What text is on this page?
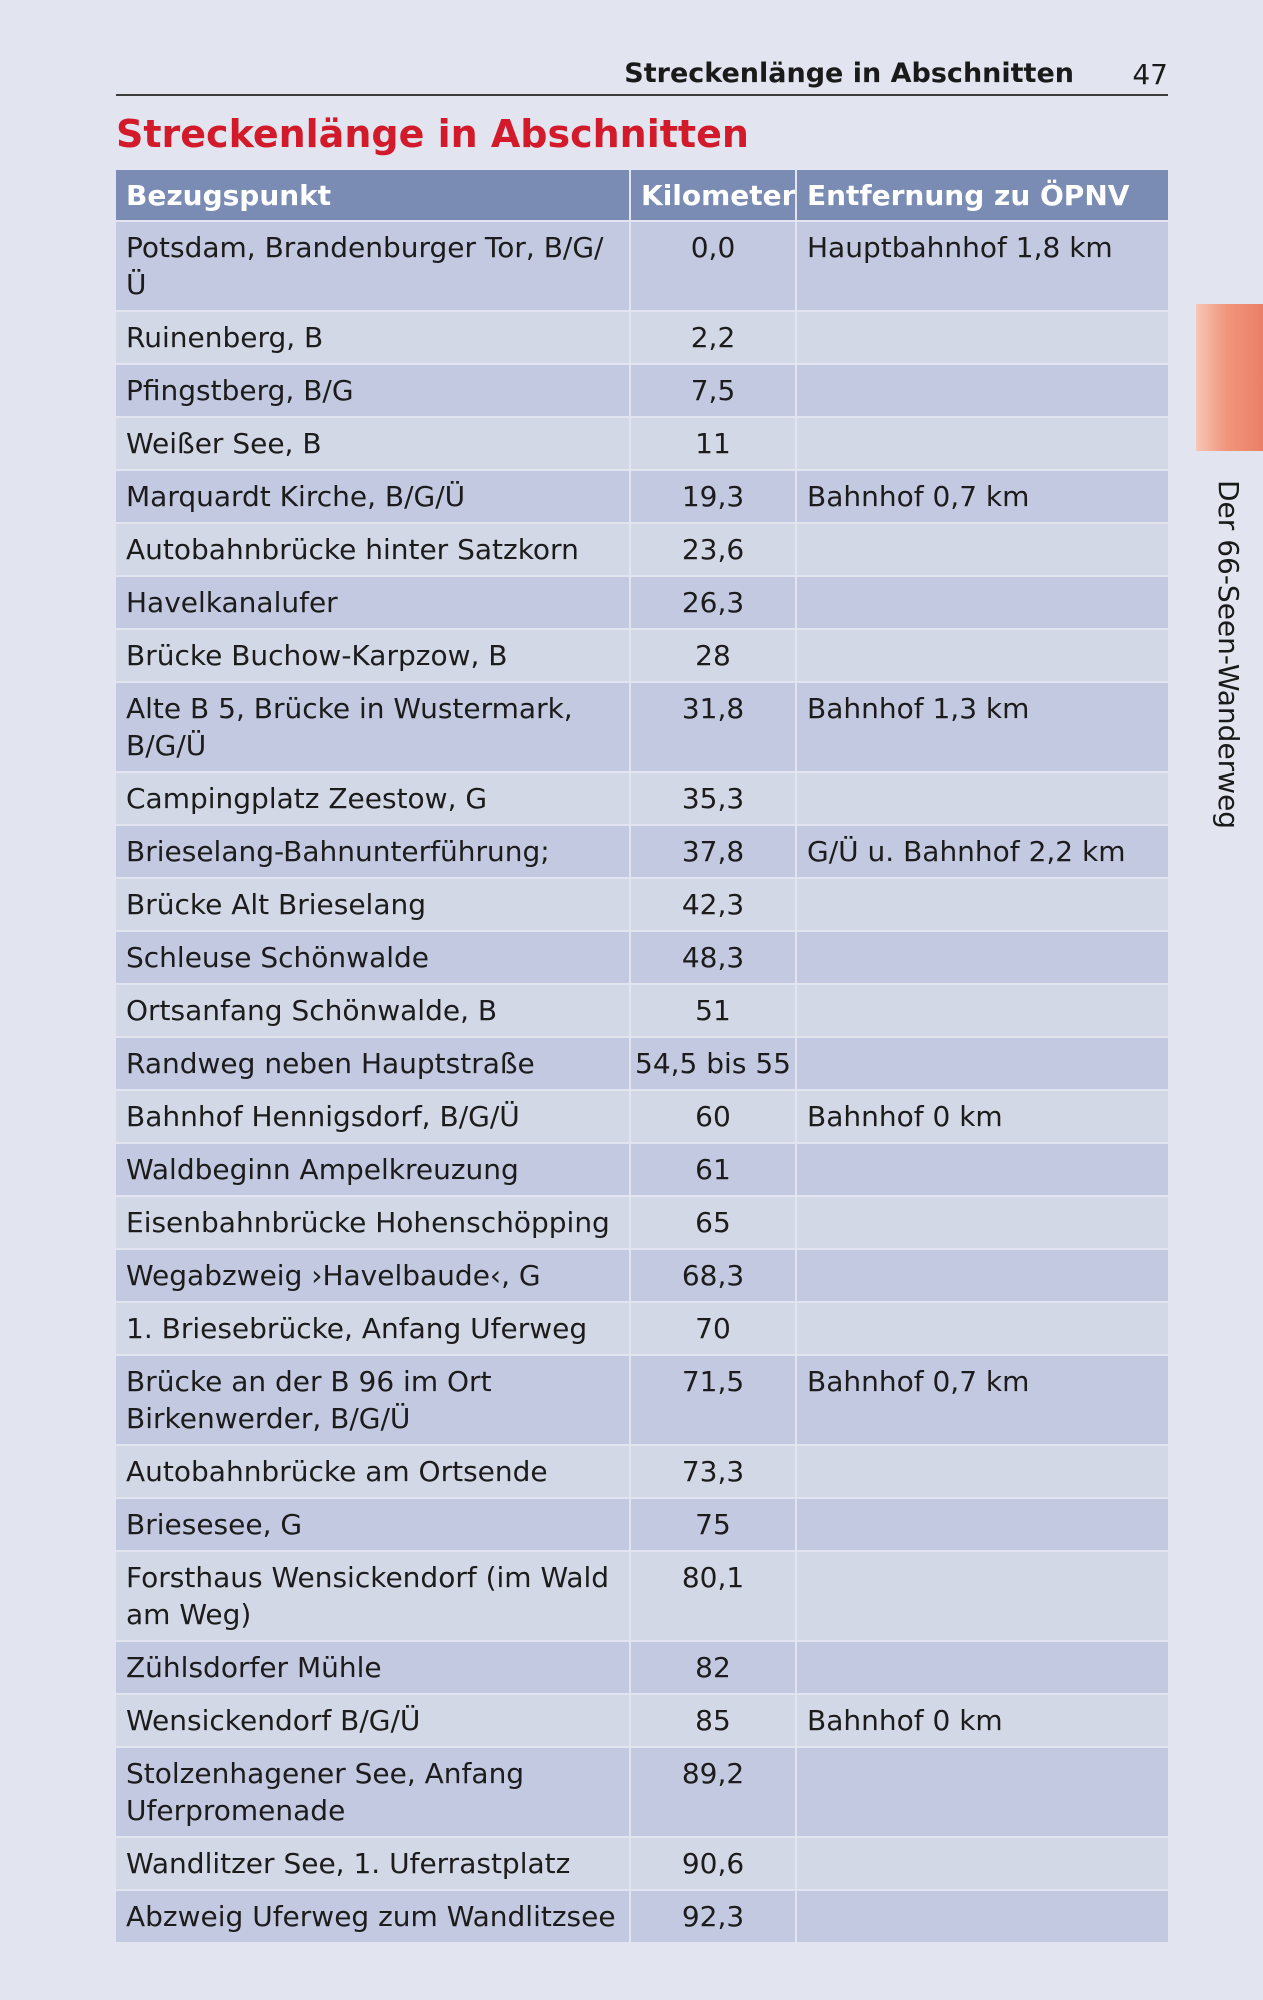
Streckenlänge in Abschnitten 47
Streckenlänge in Abschnitten
Der 66-Seen-Wanderweg
Bezugspunkt	Kilometer	Entfernung zu ÖPNV
Potsdam, Brandenburger Tor, B/G/Ü	0,0	Hauptbahnhof 1,8 km
Ruinenberg, B	2,2	
Pfingstberg, B/G	7,5	
Weißer See, B	11	
Marquardt Kirche, B/G/Ü	19,3	Bahnhof 0,7 km
Autobahnbrücke hinter Satzkorn	23,6	
Havelkanalufer	26,3	
Brücke Buchow-Karpzow, B	28	
Alte B 5, Brücke in Wustermark, B/G/Ü	31,8	Bahnhof 1,3 km
Campingplatz Zeestow, G	35,3	
Brieselang-Bahnunterführung;	37,8	G/Ü u. Bahnhof 2,2 km
Brücke Alt Brieselang	42,3	
Schleuse Schönwalde	48,3	
Ortsanfang Schönwalde, B	51	
Randweg neben Hauptstraße	54,5 bis 55	
Bahnhof Hennigsdorf, B/G/Ü	60	Bahnhof 0 km
Waldbeginn Ampelkreuzung	61	
Eisenbahnbrücke Hohenschöpping	65	
Wegabzweig ›Havelbaude‹, G	68,3	
1. Briesebrücke, Anfang Uferweg	70	
Brücke an der B 96 im Ort Birkenwerder, B/G/Ü	71,5	Bahnhof 0,7 km
Autobahnbrücke am Ortsende	73,3	
Briesesee, G	75	
Forsthaus Wensickendorf (im Wald am Weg)	80,1	
Zühlsdorfer Mühle	82	
Wensickendorf B/G/Ü	85	Bahnhof 0 km
Stolzenhagener See, Anfang Uferpromenade	89,2	
Wandlitzer See, 1. Uferrastplatz	90,6	
Abzweig Uferweg zum Wandlitzsee	92,3	
